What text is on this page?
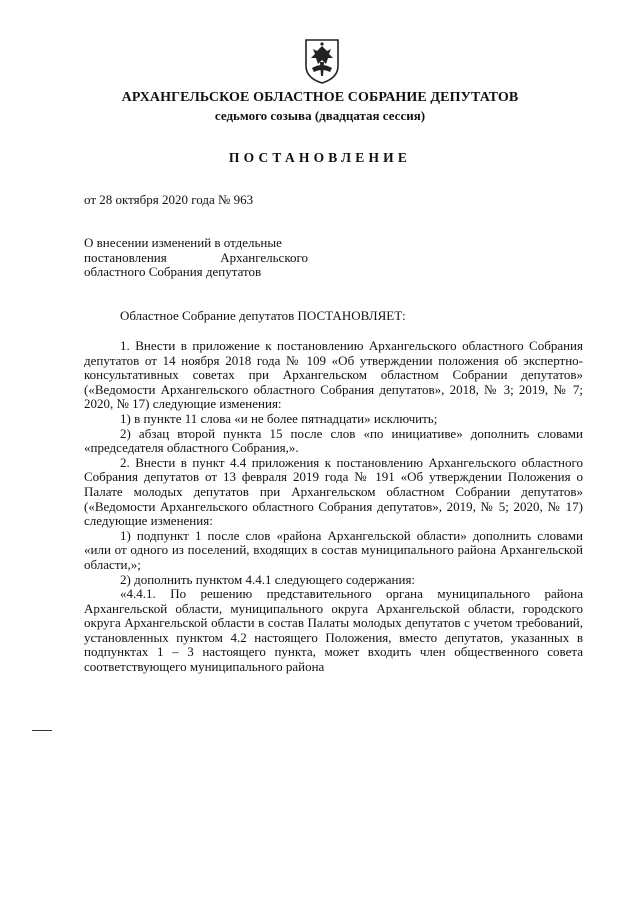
АРХАНГЕЛЬСКОЕ ОБЛАСТНОЕ СОБРАНИЕ ДЕПУТАТОВ
седьмого созыва (двадцатая сессия)
ПОСТАНОВЛЕНИЕ
от 28 октября 2020 года № 963
О внесении изменений в отдельные
постановления Архангельского
областного Собрания депутатов
Областное Собрание депутатов ПОСТАНОВЛЯЕТ:

1. Внести в приложение к постановлению Архангельского областного Собрания депутатов от 14 ноября 2018 года № 109 «Об утверждении положения об экспертно-консультативных советах при Архангельском областном Собрании депутатов» («Ведомости Архангельского областного Собрания депутатов», 2018, № 3; 2019, № 7; 2020, № 17) следующие изменения:

1) в пункте 11 слова «и не более пятнадцати» исключить;

2) абзац второй пункта 15 после слов «по инициативе» дополнить словами «председателя областного Собрания,».

2. Внести в пункт 4.4 приложения к постановлению Архангельского областного Собрания депутатов от 13 февраля 2019 года № 191 «Об утверждении Положения о Палате молодых депутатов при Архангельском областном Собрании депутатов» («Ведомости Архангельского областного Собрания депутатов», 2019, № 5; 2020, № 17) следующие изменения:

1) подпункт 1 после слов «района Архангельской области» дополнить словами «или от одного из поселений, входящих в состав муниципального района Архангельской области,»;

2) дополнить пунктом 4.4.1 следующего содержания:

«4.4.1. По решению представительного органа муниципального района Архангельской области, муниципального округа Архангельской области, городского округа Архангельской области в состав Палаты молодых депутатов с учетом требований, установленных пунктом 4.2 настоящего Положения, вместо депутатов, указанных в подпунктах 1 – 3 настоящего пункта, может входить член общественного совета соответствующего муниципального района
